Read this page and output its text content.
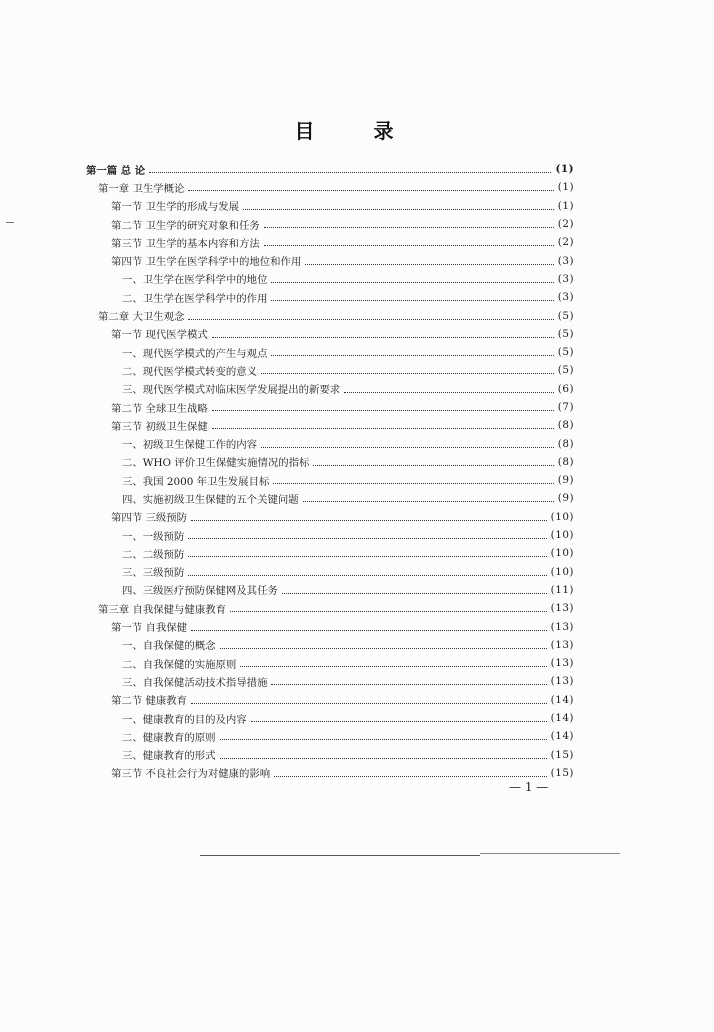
目 录
第一篇 总 论	(1)
第一章 卫生学概论	(1)
第一节 卫生学的形成与发展	(1)
第二节 卫生学的研究对象和任务	(2)
第三节 卫生学的基本内容和方法	(2)
第四节 卫生学在医学科学中的地位和作用	(3)
一、卫生学在医学科学中的地位	(3)
二、卫生学在医学科学中的作用	(3)
第二章 大卫生观念	(5)
第一节 现代医学模式	(5)
一、现代医学模式的产生与观点	(5)
二、现代医学模式转变的意义	(5)
三、现代医学模式对临床医学发展提出的新要求	(6)
第二节 全球卫生战略	(7)
第三节 初级卫生保健	(8)
一、初级卫生保健工作的内容	(8)
二、WHO 评价卫生保健实施情况的指标	(8)
三、我国 2000 年卫生发展目标	(9)
四、实施初级卫生保健的五个关键问题	(9)
第四节 三级预防	(10)
一、一级预防	(10)
二、二级预防	(10)
三、三级预防	(10)
四、三级医疗预防保健网及其任务	(11)
第三章 自我保健与健康教育	(13)
第一节 自我保健	(13)
一、自我保健的概念	(13)
二、自我保健的实施原则	(13)
三、自我保健活动技术指导措施	(13)
第二节 健康教育	(14)
一、健康教育的目的及内容	(14)
二、健康教育的原则	(14)
三、健康教育的形式	(15)
第三节 不良社会行为对健康的影响	(15)
— 1 —
